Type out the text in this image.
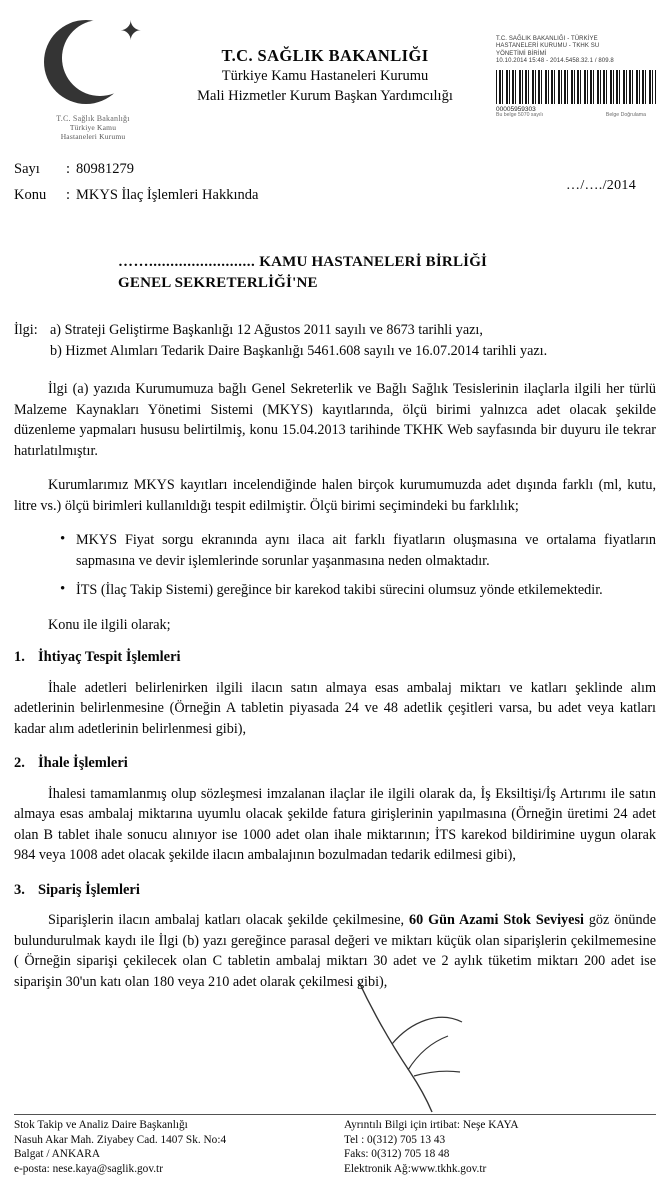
✦
T.C. Sağlık Bakanlığı
Türkiye Kamu
Hastaneleri Kurumu
T.C. SAĞLIK BAKANLIĞI
Türkiye Kamu Hastaneleri Kurumu
Mali Hizmetler Kurum Başkan Yardımcılığı
T.C. SAĞLIK BAKANLIĞI - TÜRKİYE
HASTANELERİ KURUMU - TKHK SU
YÖNETİMİ BİRİMİ
10.10.2014 15:48 - 2014.5458.32.1 / 809.8
00005959303
Bu belge 5070 sayılı	Belge Doğrulama
Sayı	: 80981279
Konu	: MKYS İlaç İşlemleri Hakkında
…/…./2014
……......................... KAMU HASTANELERİ BİRLİĞİ
GENEL SEKRETERLİĞİ'NE
İlgi: a) Strateji Geliştirme Başkanlığı 12 Ağustos 2011 sayılı ve 8673 tarihli yazı,
b) Hizmet Alımları Tedarik Daire Başkanlığı 5461.608 sayılı ve 16.07.2014 tarihli yazı.

İlgi (a) yazıda Kurumumuza bağlı Genel Sekreterlik ve Bağlı Sağlık Tesislerinin ilaçlarla ilgili her türlü Malzeme Kaynakları Yönetimi Sistemi (MKYS) kayıtlarında, ölçü birimi yalnızca adet olacak şekilde düzenleme yapmaları hususu belirtilmiş, konu 15.04.2013 tarihinde TKHK Web sayfasında bir duyuru ile tekrar hatırlatılmıştır.

Kurumlarımız MKYS kayıtları incelendiğinde halen birçok kurumumuzda adet dışında farklı (ml, kutu, litre vs.) ölçü birimleri kullanıldığı tespit edilmiştir. Ölçü birimi seçimindeki bu farklılık;

• MKYS Fiyat sorgu ekranında aynı ilaca ait farklı fiyatların oluşmasına ve ortalama fiyatların sapmasına ve devir işlemlerinde sorunlar yaşanmasına neden olmaktadır.
• İTS (İlaç Takip Sistemi) gereğince bir karekod takibi sürecini olumsuz yönde etkilemektedir.

Konu ile ilgili olarak;

1. İhtiyaç Tespit İşlemleri

İhale adetleri belirlenirken ilgili ilacın satın almaya esas ambalaj miktarı ve katları şeklinde alım adetlerinin belirlenmesine (Örneğin A tabletin piyasada 24 ve 48 adetlik çeşitleri varsa, bu adet veya katları kadar alım adetlerinin belirlenmesi gibi),

2. İhale İşlemleri

İhalesi tamamlanmış olup sözleşmesi imzalanan ilaçlar ile ilgili olarak da, İş Eksiltişi/İş Artırımı ile satın almaya esas ambalaj miktarına uyumlu olacak şekilde fatura girişlerinin yapılmasına (Örneğin üretimi 24 adet olan B tablet ihale sonucu alınıyor ise 1000 adet olan ihale miktarının; İTS karekod bildirimine uygun olarak 984 veya 1008 adet olacak şekilde ilacın ambalajının bozulmadan tedarik edilmesi gibi),

3. Sipariş İşlemleri

Siparişlerin ilacın ambalaj katları olacak şekilde çekilmesine, 60 Gün Azami Stok Seviyesi göz önünde bulundurulmak kaydı ile İlgi (b) yazı gereğince parasal değeri ve miktarı küçük olan siparişlerin çekilmemesine ( Örneğin siparişi çekilecek olan C tabletin ambalaj miktarı 30 adet ve 2 aylık tüketim miktarı 200 adet ise siparişin 30'un katı olan 180 veya 210 adet olarak çekilmesi gibi),

Stok Takip ve Analiz Daire Başkanlığı
Nasuh Akar Mah. Ziyabey Cad. 1407 Sk. No:4
Balgat / ANKARA
e-posta: nese.kaya@saglik.gov.tr
Ayrıntılı Bilgi için irtibat: Neşe KAYA
Tel : 0(312) 705 13 43
Faks: 0(312) 705 18 48
Elektronik Ağ:www.tkhk.gov.tr
